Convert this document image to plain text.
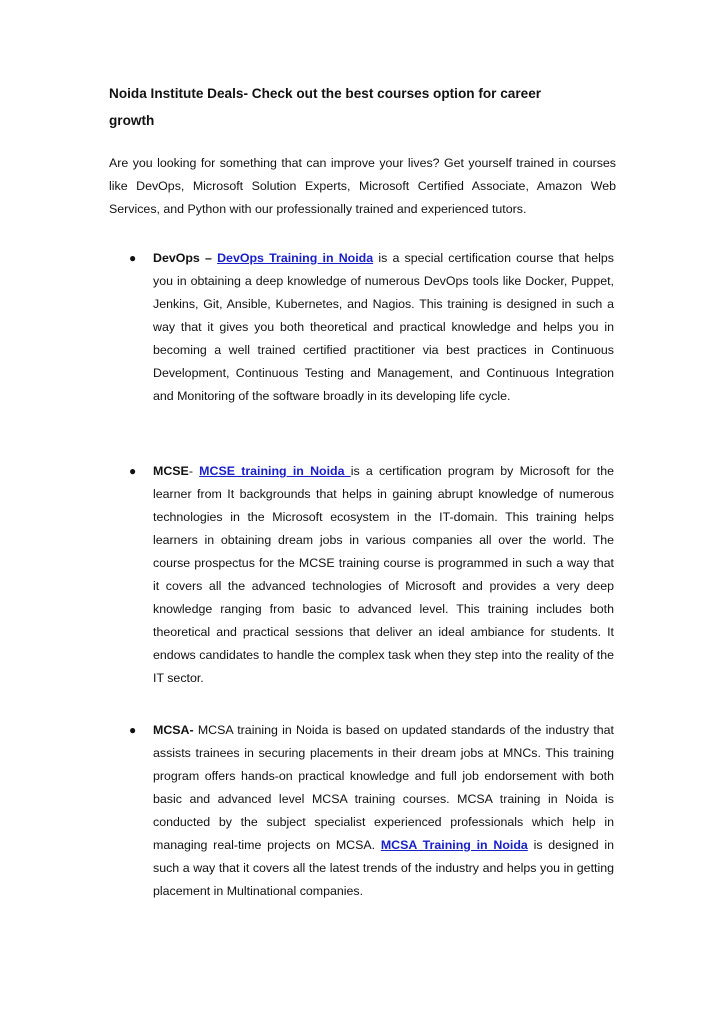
Noida Institute Deals- Check out the best courses option for career growth

Are you looking for something that can improve your lives? Get yourself trained in courses like DevOps, Microsoft Solution Experts, Microsoft Certified Associate, Amazon Web Services, and Python with our professionally trained and experienced tutors.

● DevOps – DevOps Training in Noida is a special certification course that helps you in obtaining a deep knowledge of numerous DevOps tools like Docker, Puppet, Jenkins, Git, Ansible, Kubernetes, and Nagios. This training is designed in such a way that it gives you both theoretical and practical knowledge and helps you in becoming a well trained certified practitioner via best practices in Continuous Development, Continuous Testing and Management, and Continuous Integration and Monitoring of the software broadly in its developing life cycle.

● MCSE- MCSE training in Noida is a certification program by Microsoft for the learner from It backgrounds that helps in gaining abrupt knowledge of numerous technologies in the Microsoft ecosystem in the IT-domain. This training helps learners in obtaining dream jobs in various companies all over the world. The course prospectus for the MCSE training course is programmed in such a way that it covers all the advanced technologies of Microsoft and provides a very deep knowledge ranging from basic to advanced level. This training includes both theoretical and practical sessions that deliver an ideal ambiance for students. It endows candidates to handle the complex task when they step into the reality of the IT sector.

● MCSA- MCSA training in Noida is based on updated standards of the industry that assists trainees in securing placements in their dream jobs at MNCs. This training program offers hands-on practical knowledge and full job endorsement with both basic and advanced level MCSA training courses. MCSA training in Noida is conducted by the subject specialist experienced professionals which help in managing real-time projects on MCSA. MCSA Training in Noida is designed in such a way that it covers all the latest trends of the industry and helps you in getting placement in Multinational companies.
